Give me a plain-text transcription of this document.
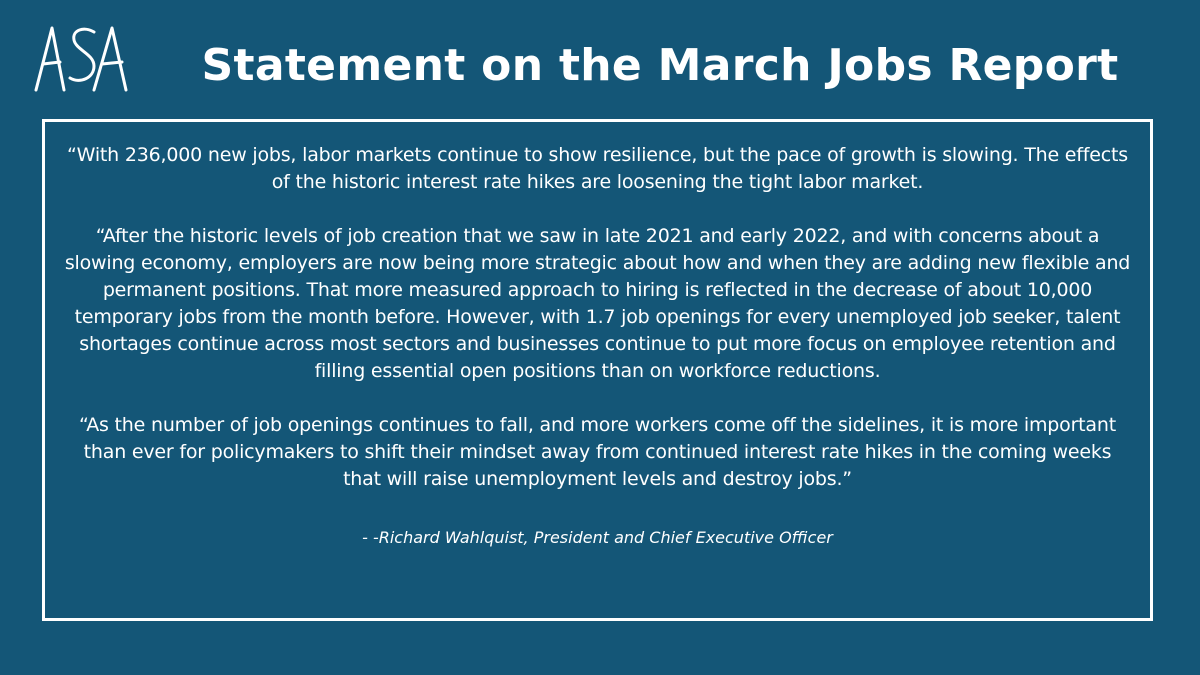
Statement on the March Jobs Report

“With 236,000 new jobs, labor markets continue to show resilience, but the pace of growth is slowing. The effects of the historic interest rate hikes are loosening the tight labor market.

“After the historic levels of job creation that we saw in late 2021 and early 2022, and with concerns about a slowing economy, employers are now being more strategic about how and when they are adding new flexible and permanent positions. That more measured approach to hiring is reflected in the decrease of about 10,000 temporary jobs from the month before. However, with 1.7 job openings for every unemployed job seeker, talent shortages continue across most sectors and businesses continue to put more focus on employee retention and filling essential open positions than on workforce reductions.

“As the number of job openings continues to fall, and more workers come off the sidelines, it is more important than ever for policymakers to shift their mindset away from continued interest rate hikes in the coming weeks that will raise unemployment levels and destroy jobs.”

- -Richard Wahlquist, President and Chief Executive Officer
